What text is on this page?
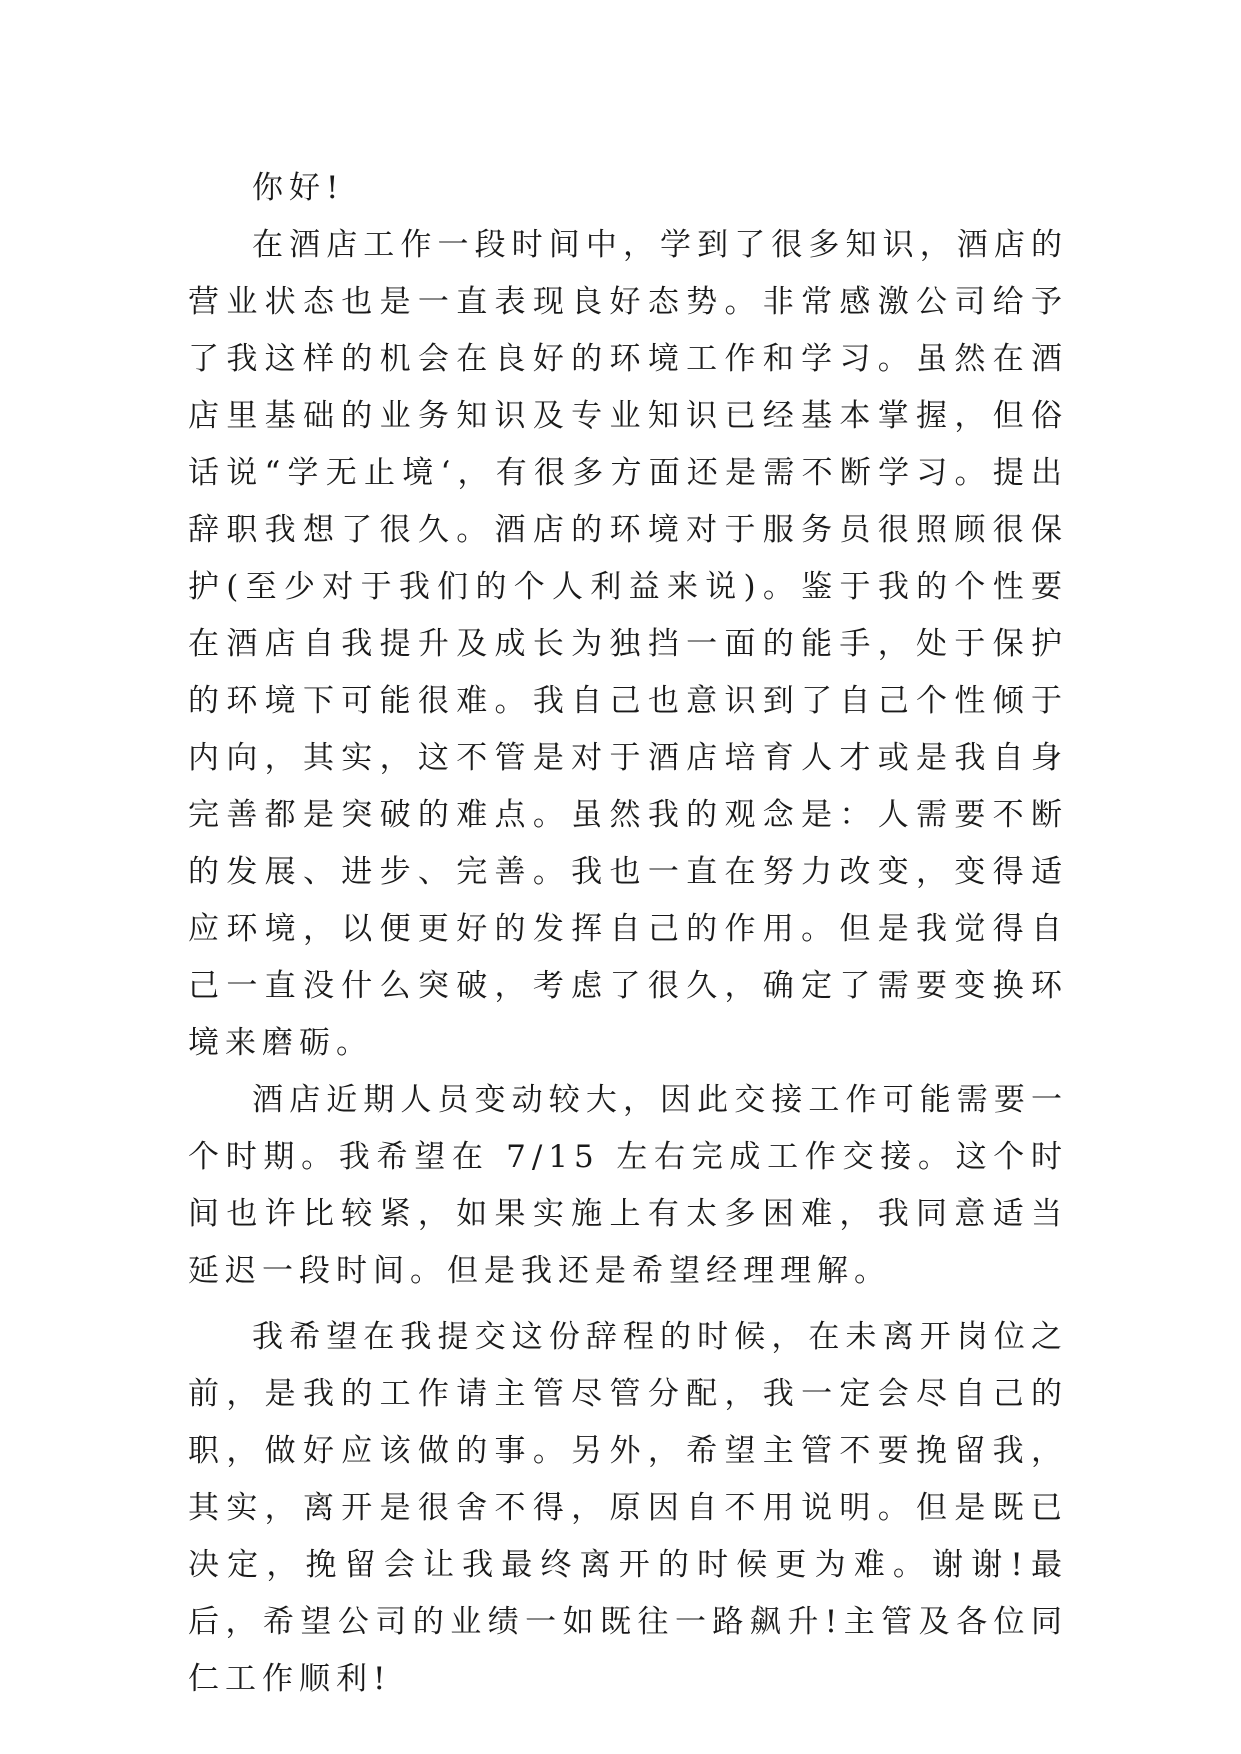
你好!

在酒店工作一段时间中，学到了很多知识，酒店的营业状态也是一直表现良好态势。非常感激公司给予了我这样的机会在良好的环境工作和学习。虽然在酒店里基础的业务知识及专业知识已经基本掌握，但俗话说“学无止境‘，有很多方面还是需不断学习。提出辞职我想了很久。酒店的环境对于服务员很照顾很保护(至少对于我们的个人利益来说)。鉴于我的个性要在酒店自我提升及成长为独挡一面的能手，处于保护的环境下可能很难。我自己也意识到了自己个性倾于内向，其实，这不管是对于酒店培育人才或是我自身完善都是突破的难点。虽然我的观念是：人需要不断的发展、进步、完善。我也一直在努力改变，变得适应环境，以便更好的发挥自己的作用。但是我觉得自己一直没什么突破，考虑了很久，确定了需要变换环境来磨砺。

酒店近期人员变动较大，因此交接工作可能需要一个时期。我希望在 7/15 左右完成工作交接。这个时间也许比较紧，如果实施上有太多困难，我同意适当延迟一段时间。但是我还是希望经理理解。

我希望在我提交这份辞程的时候，在未离开岗位之前，是我的工作请主管尽管分配，我一定会尽自己的职，做好应该做的事。另外，希望主管不要挽留我，其实，离开是很舍不得，原因自不用说明。但是既已决定，挽留会让我最终离开的时候更为难。谢谢!最后，希望公司的业绩一如既往一路飙升!主管及各位同仁工作顺利!
